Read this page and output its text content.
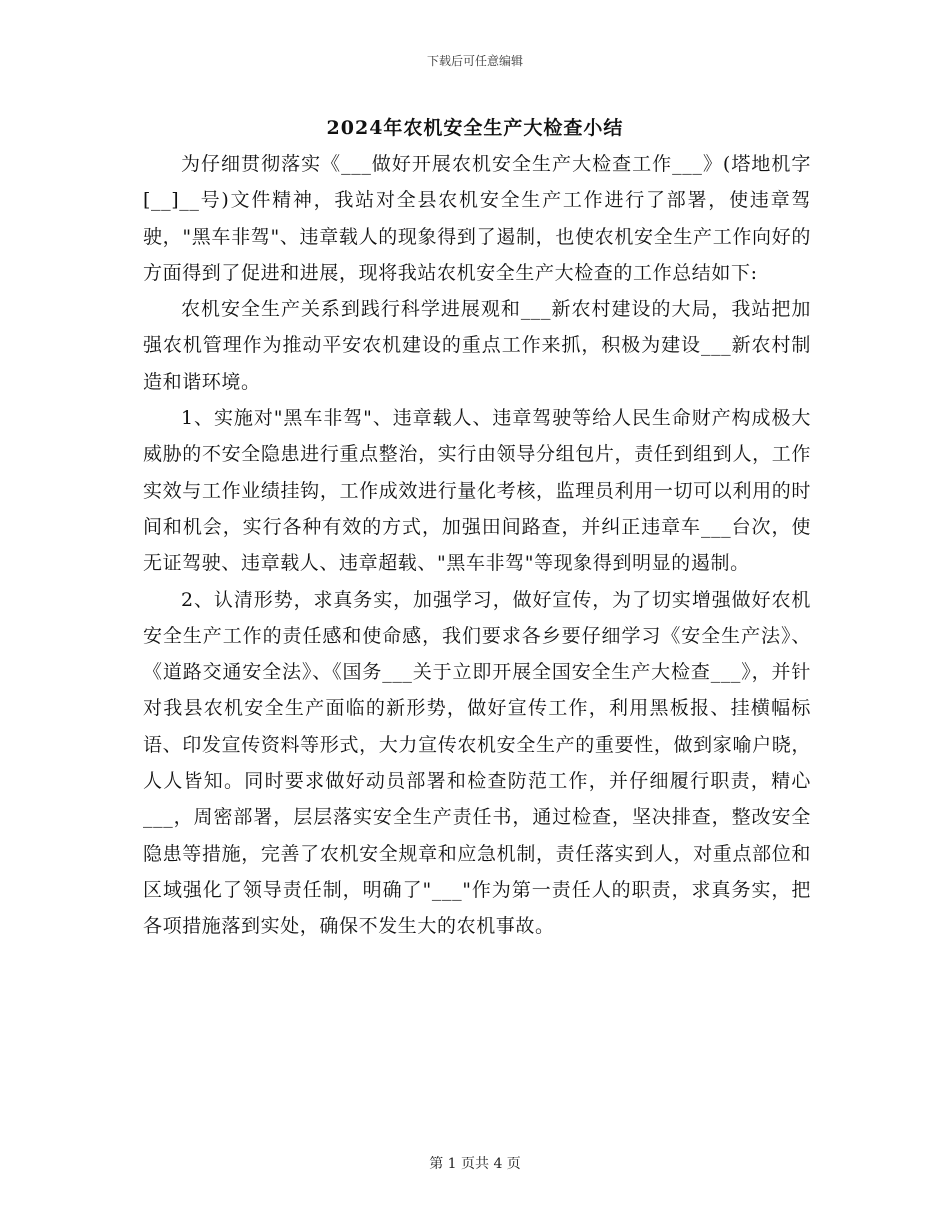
下载后可任意编辑
2024年农机安全生产大检查小结

为仔细贯彻落实《___做好开展农机安全生产大检查工作___》(塔地机字[__]__号)文件精神，我站对全县农机安全生产工作进行了部署，使违章驾驶，"黑车非驾"、违章载人的现象得到了遏制，也使农机安全生产工作向好的方面得到了促进和进展，现将我站农机安全生产大检查的工作总结如下:

农机安全生产关系到践行科学进展观和___新农村建设的大局，我站把加强农机管理作为推动平安农机建设的重点工作来抓，积极为建设___新农村制造和谐环境。

1、实施对"黑车非驾"、违章载人、违章驾驶等给人民生命财产构成极大威胁的不安全隐患进行重点整治，实行由领导分组包片，责任到组到人，工作实效与工作业绩挂钩，工作成效进行量化考核，监理员利用一切可以利用的时间和机会，实行各种有效的方式，加强田间路查，并纠正违章车___台次，使无证驾驶、违章载人、违章超载、"黑车非驾"等现象得到明显的遏制。

2、认清形势，求真务实，加强学习，做好宣传，为了切实增强做好农机安全生产工作的责任感和使命感，我们要求各乡要仔细学习《安全生产法》、《道路交通安全法》、《国务___关于立即开展全国安全生产大检查___》，并针对我县农机安全生产面临的新形势，做好宣传工作，利用黑板报、挂横幅标语、印发宣传资料等形式，大力宣传农机安全生产的重要性，做到家喻户晓，人人皆知。同时要求做好动员部署和检查防范工作，并仔细履行职责，精心___，周密部署，层层落实安全生产责任书，通过检查，坚决排查，整改安全隐患等措施，完善了农机安全规章和应急机制，责任落实到人，对重点部位和区域强化了领导责任制，明确了"___"作为第一责任人的职责，求真务实，把各项措施落到实处，确保不发生大的农机事故。

第 1 页共 4 页
